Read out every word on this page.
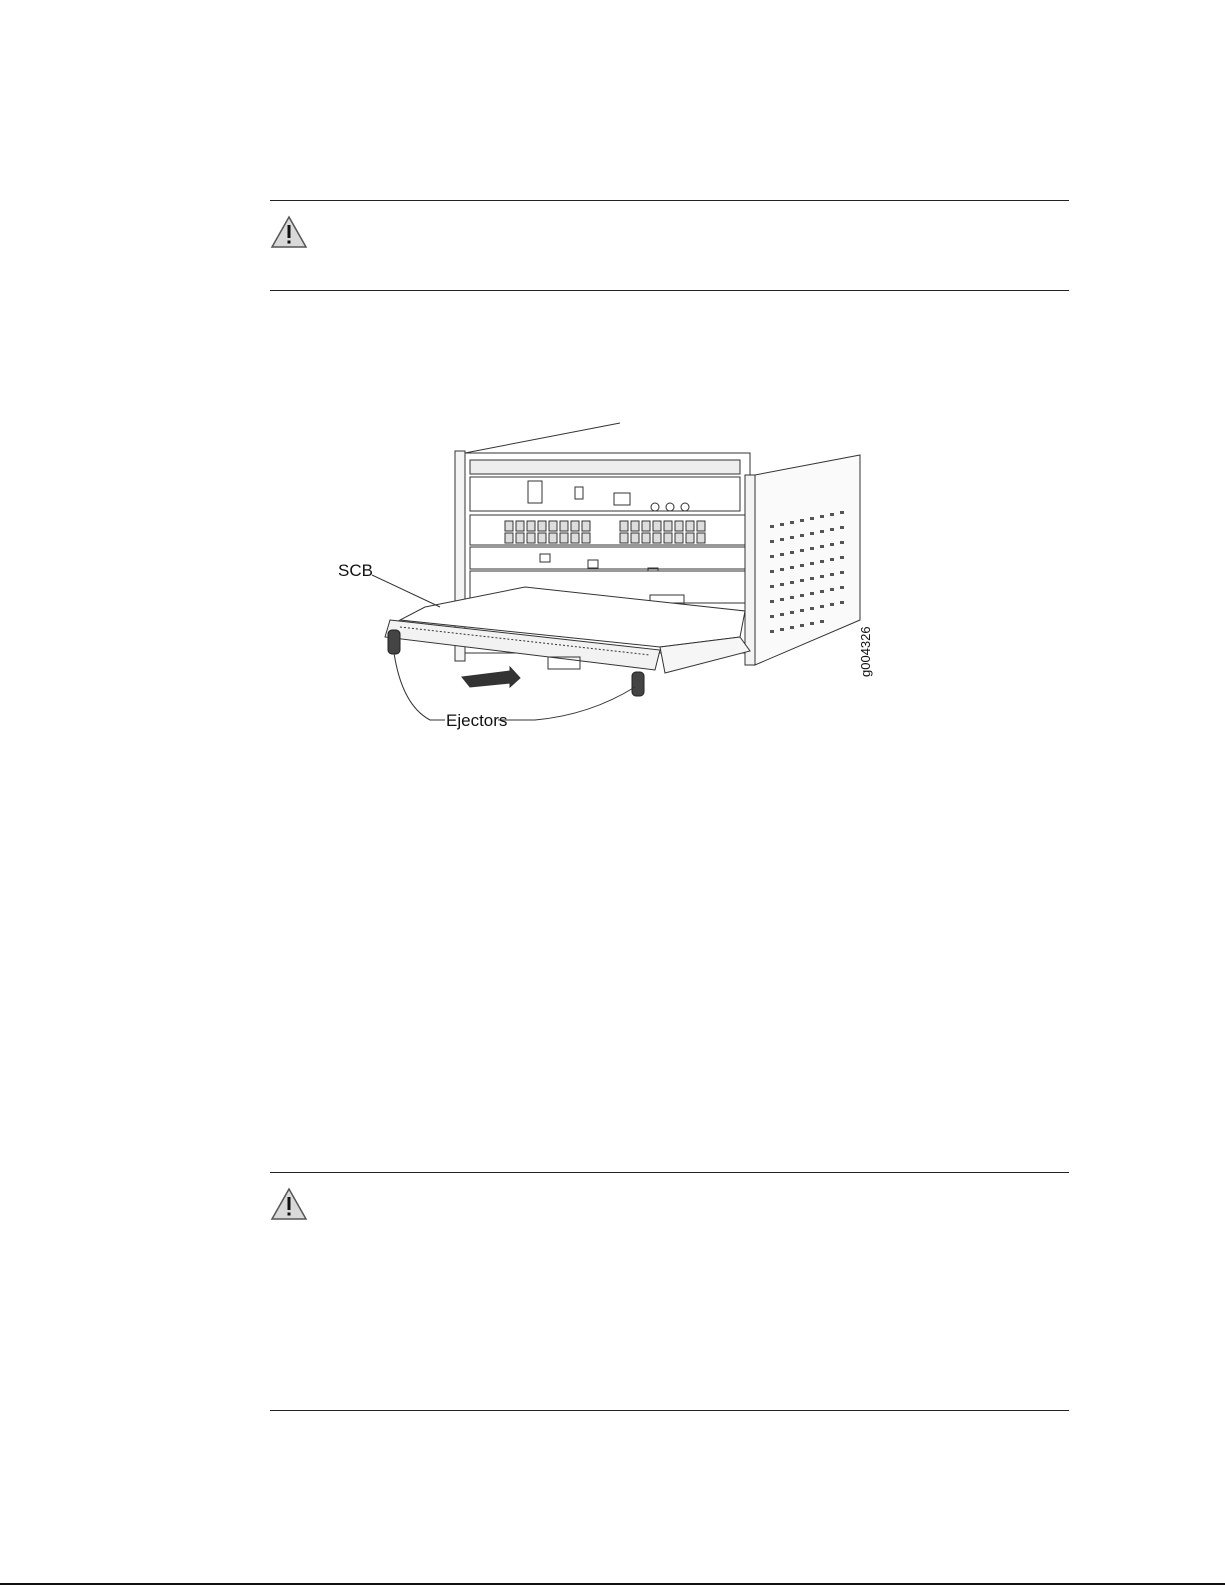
SCB
Ejectors
g004326
